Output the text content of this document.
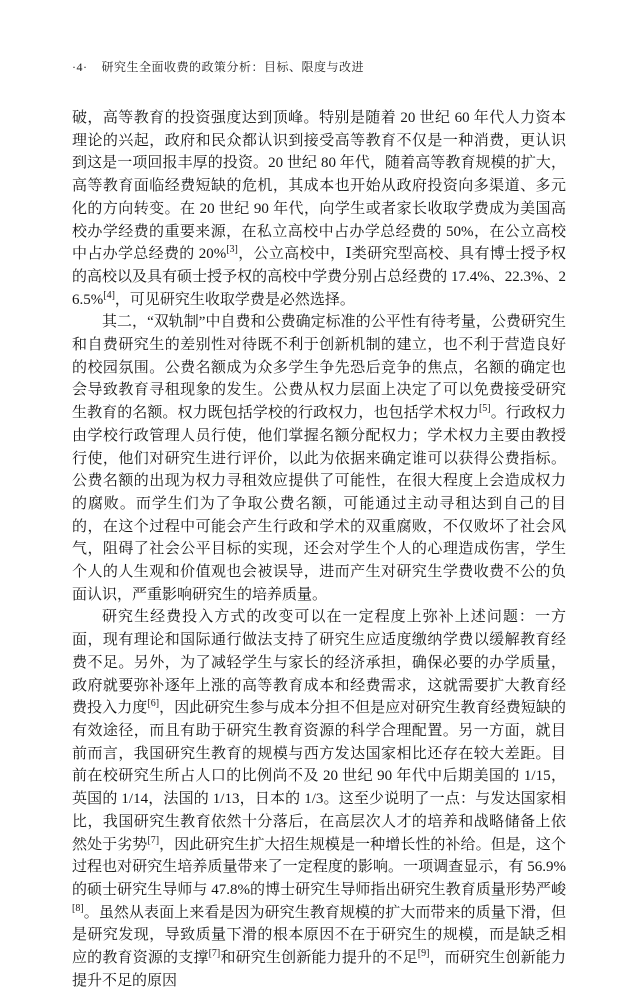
·4· 研究生全面收费的政策分析：目标、限度与改进

破，高等教育的投资强度达到顶峰。特别是随着 20 世纪 60 年代人力资本理论的兴起，政府和民众都认识到接受高等教育不仅是一种消费，更认识到这是一项回报丰厚的投资。20 世纪 80 年代，随着高等教育规模的扩大，高等教育面临经费短缺的危机，其成本也开始从政府投资向多渠道、多元化的方向转变。在 20 世纪 90 年代，向学生或者家长收取学费成为美国高校办学经费的重要来源，在私立高校中占办学总经费的 50%，在公立高校中占办学总经费的 20%[3]，公立高校中，Ⅰ类研究型高校、具有博士授予权的高校以及具有硕士授予权的高校中学费分别占总经费的 17.4%、22.3%、26.5%[4]，可见研究生收取学费是必然选择。

其二，“双轨制”中自费和公费确定标准的公平性有待考量，公费研究生和自费研究生的差别性对待既不利于创新机制的建立，也不利于营造良好的校园氛围。公费名额成为众多学生争先恐后竞争的焦点，名额的确定也会导致教育寻租现象的发生。公费从权力层面上决定了可以免费接受研究生教育的名额。权力既包括学校的行政权力，也包括学术权力[5]。行政权力由学校行政管理人员行使，他们掌握名额分配权力；学术权力主要由教授行使，他们对研究生进行评价，以此为依据来确定谁可以获得公费指标。公费名额的出现为权力寻租效应提供了可能性，在很大程度上会造成权力的腐败。而学生们为了争取公费名额，可能通过主动寻租达到自己的目的，在这个过程中可能会产生行政和学术的双重腐败，不仅败坏了社会风气，阻碍了社会公平目标的实现，还会对学生个人的心理造成伤害，学生个人的人生观和价值观也会被误导，进而产生对研究生学费收费不公的负面认识，严重影响研究生的培养质量。

研究生经费投入方式的改变可以在一定程度上弥补上述问题：一方面，现有理论和国际通行做法支持了研究生应适度缴纳学费以缓解教育经费不足。另外，为了减轻学生与家长的经济承担，确保必要的办学质量，政府就要弥补逐年上涨的高等教育成本和经费需求，这就需要扩大教育经费投入力度[6]，因此研究生参与成本分担不但是应对研究生教育经费短缺的有效途径，而且有助于研究生教育资源的科学合理配置。另一方面，就目前而言，我国研究生教育的规模与西方发达国家相比还存在较大差距。目前在校研究生所占人口的比例尚不及 20 世纪 90 年代中后期美国的 1/15，英国的 1/14，法国的 1/13，日本的 1/3。这至少说明了一点：与发达国家相比，我国研究生教育依然十分落后，在高层次人才的培养和战略储备上依然处于劣势[7]，因此研究生扩大招生规模是一种增长性的补给。但是，这个过程也对研究生培养质量带来了一定程度的影响。一项调查显示，有 56.9%的硕士研究生导师与 47.8%的博士研究生导师指出研究生教育质量形势严峻[8]。虽然从表面上来看是因为研究生教育规模的扩大而带来的质量下滑，但是研究发现，导致质量下滑的根本原因不在于研究生的规模，而是缺乏相应的教育资源的支撑[7]和研究生创新能力提升的不足[9]，而研究生创新能力提升不足的原因
